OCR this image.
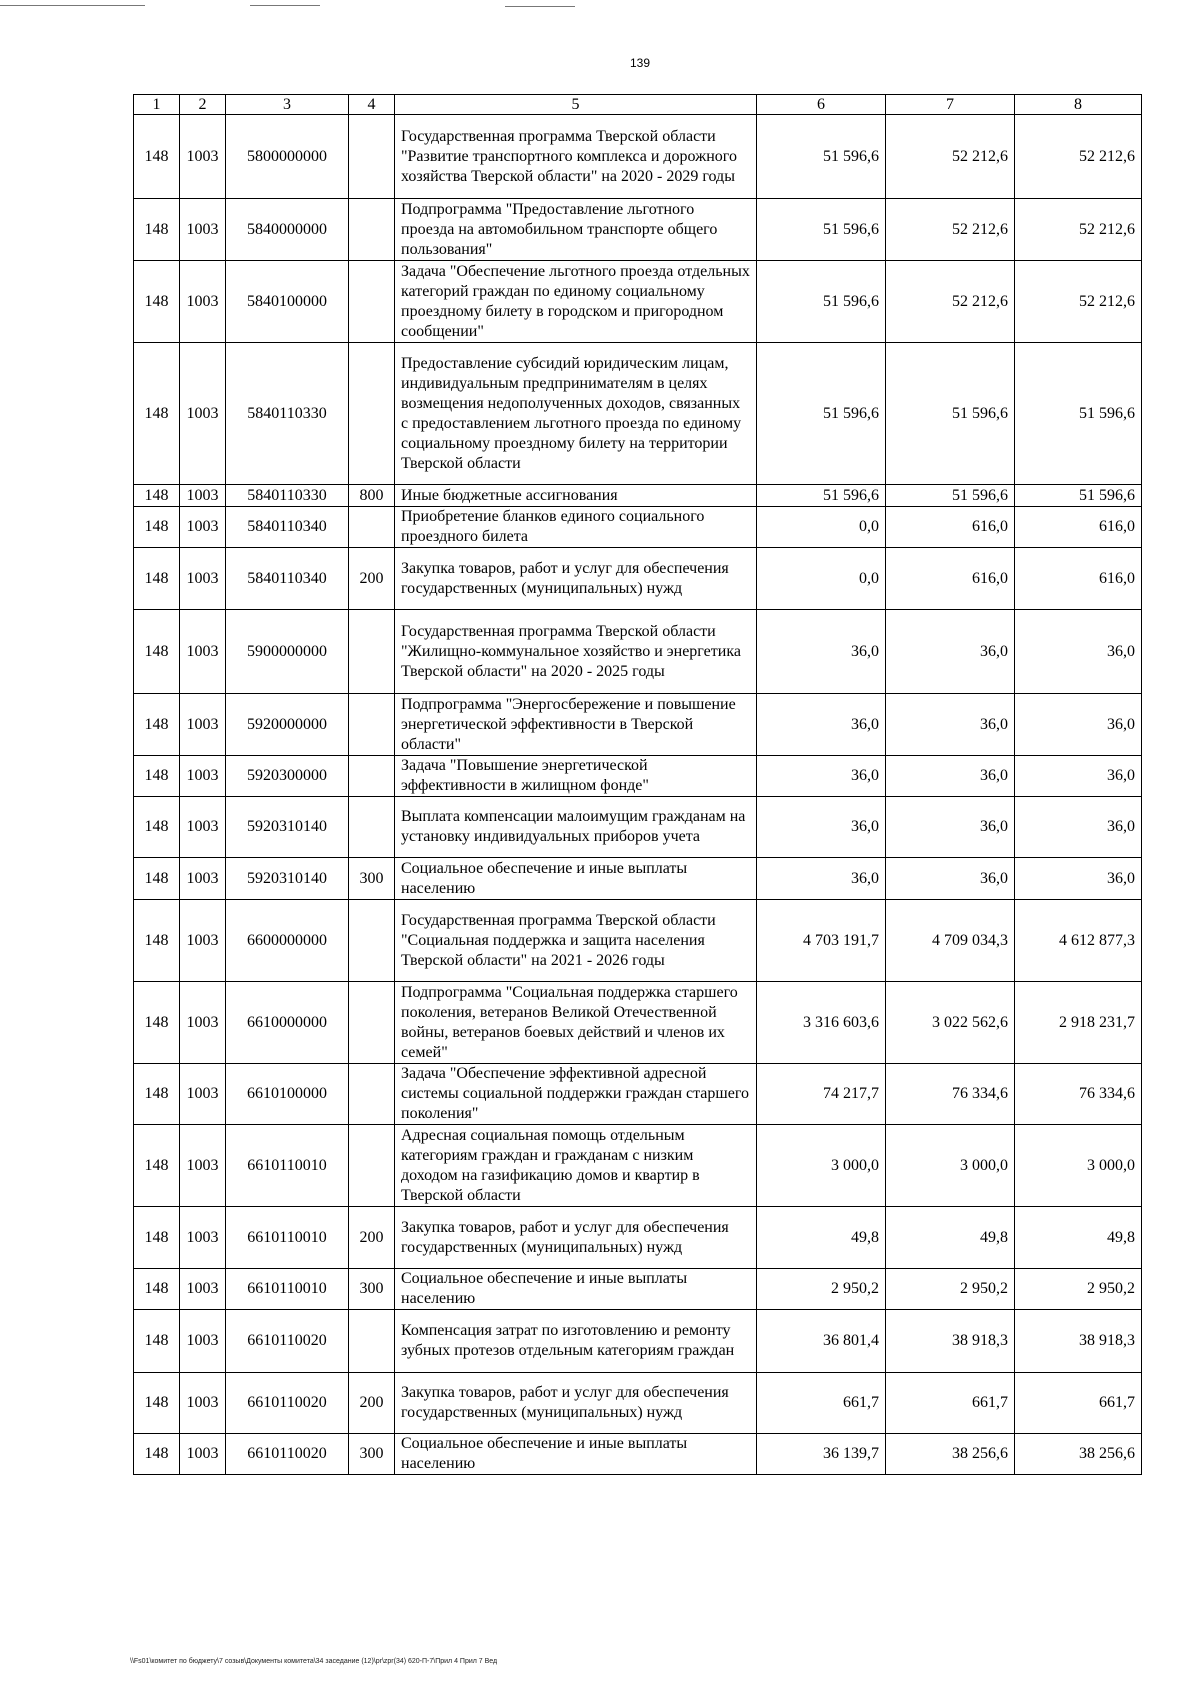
139
1	2	3	4	5	6	7	8
148	1003	5800000000		Государственная программа Тверской области "Развитие транспортного комплекса и дорожного хозяйства Тверской области" на 2020 - 2029 годы	51 596,6	52 212,6	52 212,6
148	1003	5840000000		Подпрограмма "Предоставление льготного проезда на автомобильном транспорте общего пользования"	51 596,6	52 212,6	52 212,6
148	1003	5840100000		Задача "Обеспечение льготного проезда отдельных категорий граждан по единому социальному проездному билету в городском и пригородном сообщении"	51 596,6	52 212,6	52 212,6
148	1003	5840110330		Предоставление субсидий юридическим лицам, индивидуальным предпринимателям в целях возмещения недополученных доходов, связанных с предоставлением льготного проезда по единому социальному проездному билету на территории Тверской области	51 596,6	51 596,6	51 596,6
148	1003	5840110330	800	Иные бюджетные ассигнования	51 596,6	51 596,6	51 596,6
148	1003	5840110340		Приобретение бланков единого социального проездного билета	0,0	616,0	616,0
148	1003	5840110340	200	Закупка товаров, работ и услуг для обеспечения государственных (муниципальных) нужд	0,0	616,0	616,0
148	1003	5900000000		Государственная программа Тверской области "Жилищно-коммунальное хозяйство и энергетика Тверской области" на 2020 - 2025 годы	36,0	36,0	36,0
148	1003	5920000000		Подпрограмма "Энергосбережение и повышение энергетической эффективности в Тверской области"	36,0	36,0	36,0
148	1003	5920300000		Задача "Повышение энергетической эффективности в жилищном фонде"	36,0	36,0	36,0
148	1003	5920310140		Выплата компенсации малоимущим гражданам на установку индивидуальных приборов учета	36,0	36,0	36,0
148	1003	5920310140	300	Социальное обеспечение и иные выплаты населению	36,0	36,0	36,0
148	1003	6600000000		Государственная программа Тверской области "Социальная поддержка и защита населения Тверской области" на 2021 - 2026 годы	4 703 191,7	4 709 034,3	4 612 877,3
148	1003	6610000000		Подпрограмма "Социальная поддержка старшего поколения, ветеранов Великой Отечественной войны, ветеранов боевых действий и членов их семей"	3 316 603,6	3 022 562,6	2 918 231,7
148	1003	6610100000		Задача "Обеспечение эффективной адресной системы социальной поддержки граждан старшего поколения"	74 217,7	76 334,6	76 334,6
148	1003	6610110010		Адресная социальная помощь отдельным категориям граждан и гражданам с низким доходом на газификацию домов и квартир в Тверской области	3 000,0	3 000,0	3 000,0
148	1003	6610110010	200	Закупка товаров, работ и услуг для обеспечения государственных (муниципальных) нужд	49,8	49,8	49,8
148	1003	6610110010	300	Социальное обеспечение и иные выплаты населению	2 950,2	2 950,2	2 950,2
148	1003	6610110020		Компенсация затрат по изготовлению и ремонту зубных протезов отдельным категориям граждан	36 801,4	38 918,3	38 918,3
148	1003	6610110020	200	Закупка товаров, работ и услуг для обеспечения государственных (муниципальных) нужд	661,7	661,7	661,7
148	1003	6610110020	300	Социальное обеспечение и иные выплаты населению	36 139,7	38 256,6	38 256,6
\\Fs01\комитет по бюджету\7 созыв\Документы комитета\34 заседание (12)\pr\zpr(34) 620-П-7\Прил 4 Прил 7 Вед
